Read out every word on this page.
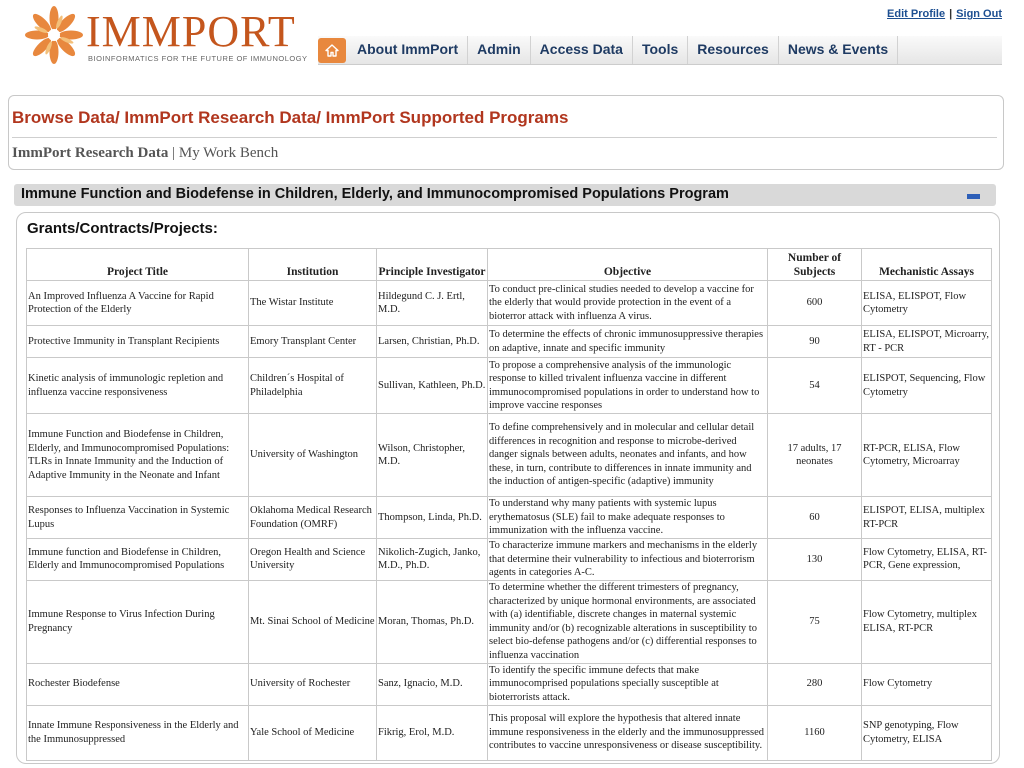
IMMPORT
BIOINFORMATICS FOR THE FUTURE OF IMMUNOLOGY
Edit Profile | Sign Out
About ImmPort	Admin	Access Data	Tools	Resources	News & Events
Browse Data/ ImmPort Research Data/ ImmPort Supported Programs
ImmPort Research Data | My Work Bench
Immune Function and Biodefense in Children, Elderly, and Immunocompromised Populations Program
Grants/Contracts/Projects:
Project Title	Institution	Principle Investigator	Objective	Number of Subjects	Mechanistic Assays
An Improved Influenza A Vaccine for Rapid Protection of the Elderly	The Wistar Institute	Hildegund C. J. Ertl, M.D.	To conduct pre-clinical studies needed to develop a vaccine for the elderly that would provide protection in the event of a bioterror attack with influenza A virus.	600	ELISA, ELISPOT, Flow Cytometry
Protective Immunity in Transplant Recipients	Emory Transplant Center	Larsen, Christian, Ph.D.	To determine the effects of chronic immunosuppressive therapies on adaptive, innate and specific immunity	90	ELISA, ELISPOT, Microarry, RT - PCR
Kinetic analysis of immunologic repletion and influenza vaccine responsiveness	Children´s Hospital of Philadelphia	Sullivan, Kathleen, Ph.D.	To propose a comprehensive analysis of the immunologic response to killed trivalent influenza vaccine in different immunocompromised populations in order to understand how to improve vaccine responses	54	ELISPOT, Sequencing, Flow Cytometry
Immune Function and Biodefense in Children, Elderly, and Immunocompromised Populations: TLRs in Innate Immunity and the Induction of Adaptive Immunity in the Neonate and Infant	University of Washington	Wilson, Christopher, M.D.	To define comprehensively and in molecular and cellular detail differences in recognition and response to microbe-derived danger signals between adults, neonates and infants, and how these, in turn, contribute to differences in innate immunity and the induction of antigen-specific (adaptive) immunity	17 adults, 17 neonates	RT-PCR, ELISA, Flow Cytometry, Microarray
Responses to Influenza Vaccination in Systemic Lupus	Oklahoma Medical Research Foundation (OMRF)	Thompson, Linda, Ph.D.	To understand why many patients with systemic lupus erythematosus (SLE) fail to make adequate responses to immunization with the influenza vaccine.	60	ELISPOT, ELISA, multiplex RT-PCR
Immune function and Biodefense in Children, Elderly and Immunocompromised Populations	Oregon Health and Science University	Nikolich-Zugich, Janko, M.D., Ph.D.	To characterize immune markers and mechanisms in the elderly that determine their vulnerability to infectious and bioterrorism agents in categories A-C.	130	Flow Cytometry, ELISA, RT-PCR, Gene expression,
Immune Response to Virus Infection During Pregnancy	Mt. Sinai School of Medicine	Moran, Thomas, Ph.D.	To determine whether the different trimesters of pregnancy, characterized by unique hormonal environments, are associated with (a) identifiable, discrete changes in maternal systemic immunity and/or (b) recognizable alterations in susceptibility to select bio-defense pathogens and/or (c) differential responses to influenza vaccination	75	Flow Cytometry, multiplex ELISA, RT-PCR
Rochester Biodefense	University of Rochester	Sanz, Ignacio, M.D.	To identify the specific immune defects that make immunocomprised populations specially susceptible at bioterrorists attack.	280	Flow Cytometry
Innate Immune Responsiveness in the Elderly and the Immunosuppressed	Yale School of Medicine	Fikrig, Erol, M.D.	This proposal will explore the hypothesis that altered innate immune responsiveness in the elderly and the immunosuppressed contributes to vaccine unresponsiveness or disease susceptibility.	1160	SNP genotyping, Flow Cytometry, ELISA
